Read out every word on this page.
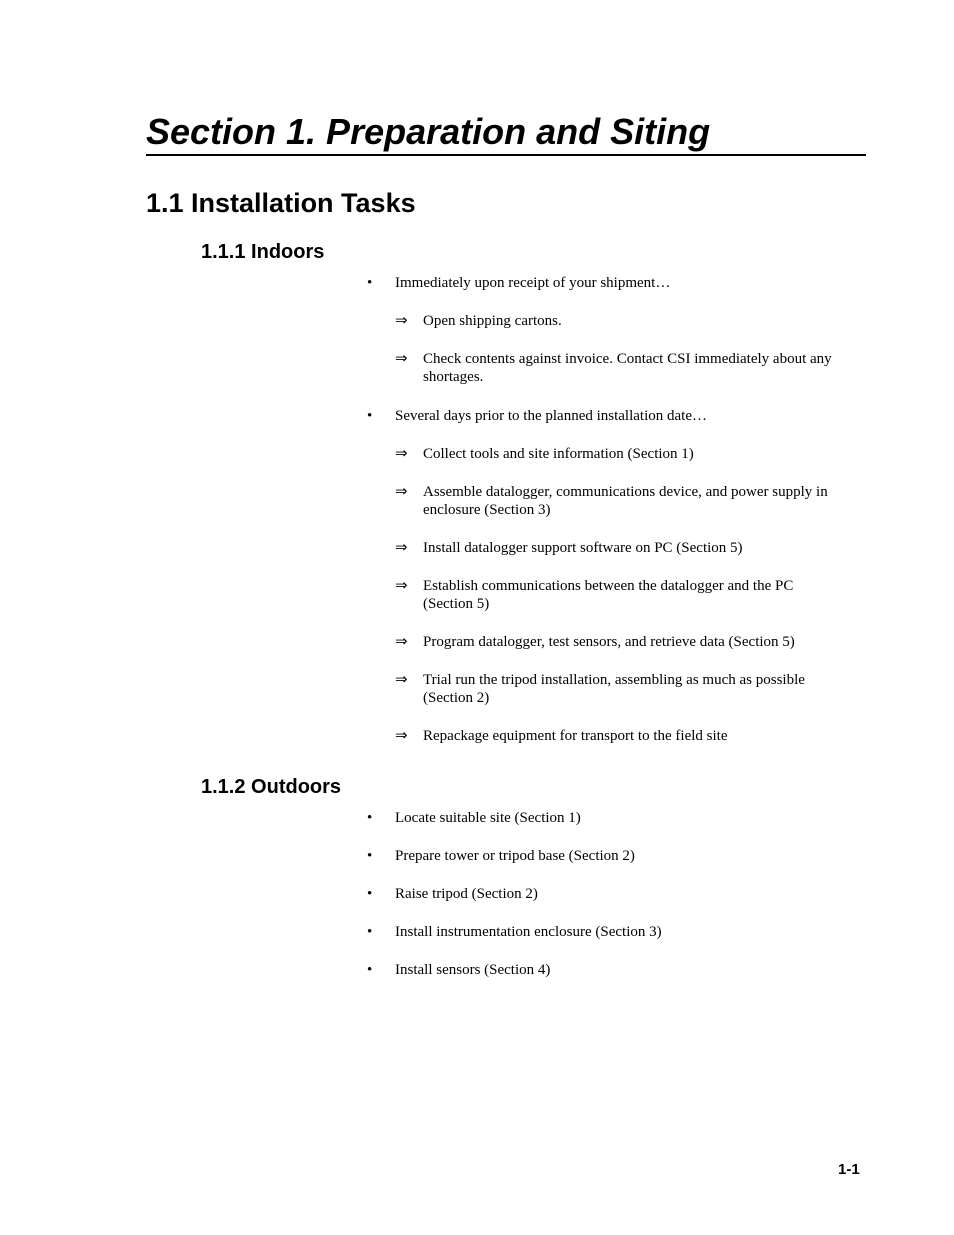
Section 1. Preparation and Siting
1.1 Installation Tasks
1.1.1 Indoors
•	Immediately upon receipt of your shipment…
⇒	Open shipping cartons.
⇒	Check contents against invoice. Contact CSI immediately about any shortages.
•	Several days prior to the planned installation date…
⇒	Collect tools and site information (Section 1)
⇒	Assemble datalogger, communications device, and power supply in enclosure (Section 3)
⇒	Install datalogger support software on PC (Section 5)
⇒	Establish communications between the datalogger and the PC (Section 5)
⇒	Program datalogger, test sensors, and retrieve data (Section 5)
⇒	Trial run the tripod installation, assembling as much as possible (Section 2)
⇒	Repackage equipment for transport to the field site
1.1.2 Outdoors
•	Locate suitable site (Section 1)
•	Prepare tower or tripod base (Section 2)
•	Raise tripod (Section 2)
•	Install instrumentation enclosure (Section 3)
•	Install sensors (Section 4)
1-1
